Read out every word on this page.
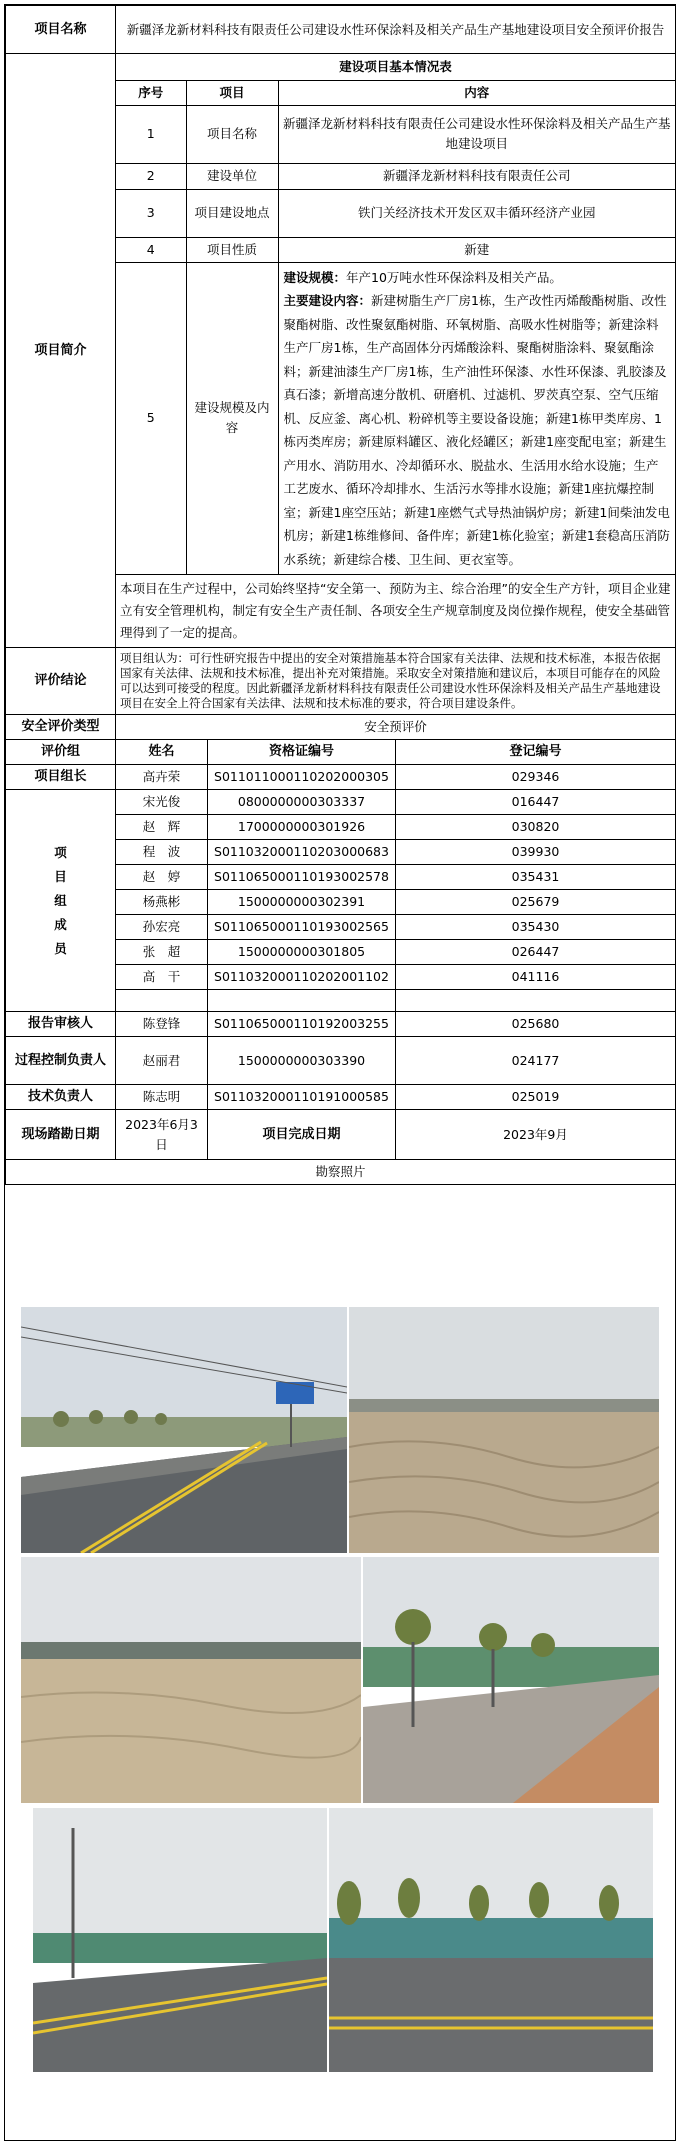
项目名称	新疆泽龙新材料科技有限责任公司建设水性环保涂料及相关产品生产基地建设项目安全预评价报告
项目简介	
建设项目基本情况表
序号	项目	内容
1	项目名称	新疆泽龙新材料科技有限责任公司建设水性环保涂料及相关产品生产基地建设项目
2	建设单位	新疆泽龙新材料科技有限责任公司
3	项目建设地点	铁门关经济技术开发区双丰循环经济产业园
4	项目性质	新建
5	建设规模及内容	建设规模：年产10万吨水性环保涂料及相关产品。
主要建设内容：新建树脂生产厂房1栋，生产改性丙烯酸酯树脂、改性聚酯树脂、改性聚氨酯树脂、环氧树脂、高吸水性树脂等；新建涂料生产厂房1栋，生产高固体分丙烯酸涂料、聚酯树脂涂料、聚氨酯涂料；新建油漆生产厂房1栋，生产油性环保漆、水性环保漆、乳胶漆及真石漆；新增高速分散机、研磨机、过滤机、罗茨真空泵、空气压缩机、反应釜、离心机、粉碎机等主要设备设施；新建1栋甲类库房、1栋丙类库房；新建原料罐区、液化烃罐区；新建1座变配电室；新建生产用水、消防用水、冷却循环水、脱盐水、生活用水给水设施；生产工艺废水、循环冷却排水、生活污水等排水设施；新建1座抗爆控制室；新建1座空压站；新建1座燃气式导热油锅炉房；新建1间柴油发电机房；新建1栋维修间、备件库；新建1栋化验室；新建1套稳高压消防水系统；新建综合楼、卫生间、更衣室等。
本项目在生产过程中，公司始终坚持“安全第一、预防为主、综合治理”的安全生产方针，项目企业建立有安全管理机构，制定有安全生产责任制、各项安全生产规章制度及岗位操作规程，使安全基础管理得到了一定的提高。

评价结论	项目组认为：可行性研究报告中提出的安全对策措施基本符合国家有关法律、法规和技术标准，本报告依据国家有关法律、法规和技术标准，提出补充对策措施。采取安全对策措施和建议后，本项目可能存在的风险可以达到可接受的程度。因此新疆泽龙新材料科技有限责任公司建设水性环保涂料及相关产品生产基地建设项目在安全上符合国家有关法律、法规和技术标准的要求，符合项目建设条件。
安全评价类型	安全预评价
评价组	姓名	资格证编号	登记编号
项目组长	高卉荣	S011011000110202000305	029346

项
目
组
成
员
	宋光俊	0800000000303337	016447
赵　辉	1700000000301926	030820
程　波	S011032000110203000683	039930
赵　婷	S011065000110193002578	035431
杨燕彬	1500000000302391	025679
孙宏亮	S011065000110193002565	035430
张　超	1500000000301805	026447
高　干	S011032000110202001102	041116

报告审核人	陈登锋	S011065000110192003255	025680
过程控制负责人	赵丽君	1500000000303390	024177
技术负责人	陈志明	S011032000110191000585	025019
现场踏勘日期	2023年6月3日	项目完成日期	2023年9月
勘察照片
